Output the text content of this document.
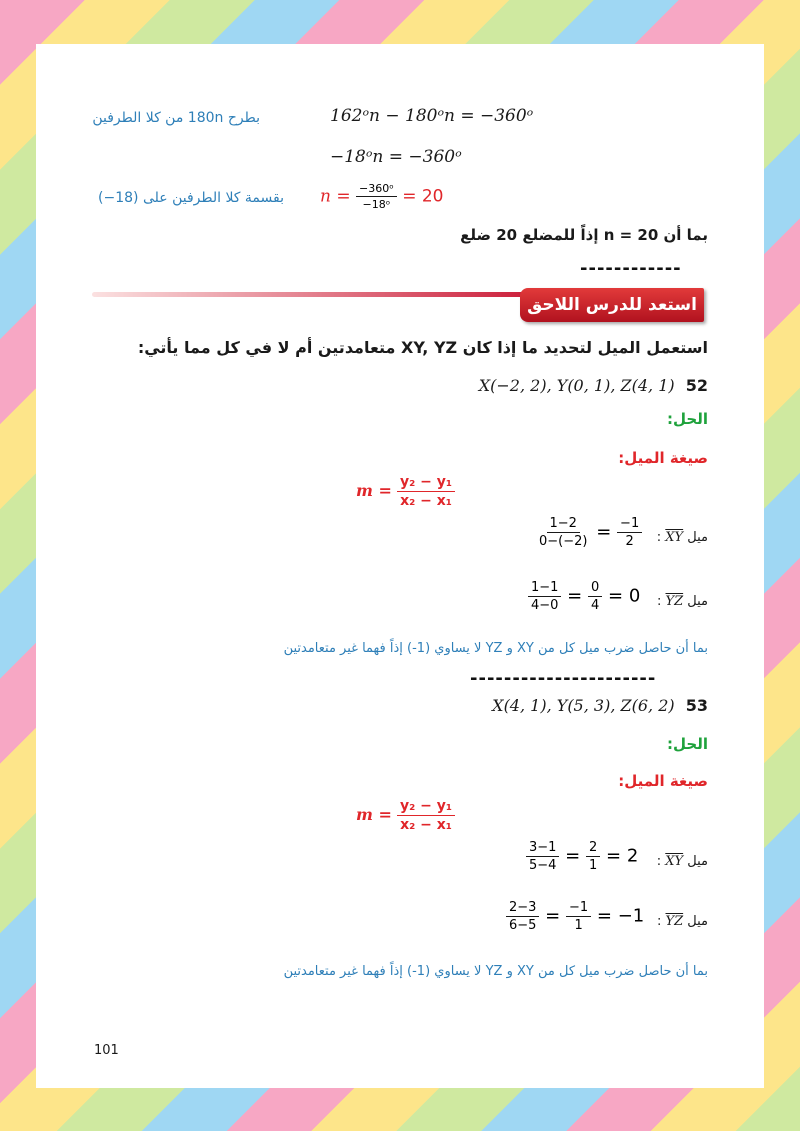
بطرح 180n من كلا الطرفين	162ᵒn − 180ᵒn = −360ᵒ
−18ᵒn = −360ᵒ
بقسمة كلا الطرفين على (18−) $n = \frac{\text{−360ᵒ}}{\text{−18ᵒ}} = 20$
بما أن n = 20 إذاً للمضلع 20 ضلع
------------
استعد للدرس اللاحق
استعمل الميل لتحديد ما إذا كان XY, YZ متعامدتين أم لا في كل مما يأتي:
X(−2, 2), Y(0, 1), Z(4, 1) 52
الحل:
صيغة الميل:
$m = \frac{\text{y₂ − y₁}}{\text{x₂ − x₁}}$
$\frac{1-2}{0-(-2)} = \frac{-1}{2}$	ميل XY :
$\frac{1-1}{4-0} = \frac{0}{4} = 0$	ميل YZ :
بما أن حاصل ضرب ميل كل من XY و YZ لا يساوي (1-) إذاً فهما غير متعامدتين
----------------------
X(4, 1), Y(5, 3), Z(6, 2) 53
الحل:
صيغة الميل:
$m = \frac{\text{y₂ − y₁}}{\text{x₂ − x₁}}$
$\frac{3-1}{5-4} = \frac{2}{1} = 2$	ميل XY :
$\frac{2-3}{6-5} = \frac{-1}{1} = -1$	ميل YZ :
بما أن حاصل ضرب ميل كل من XY و YZ لا يساوي (1-) إذاً فهما غير متعامدتين
101
